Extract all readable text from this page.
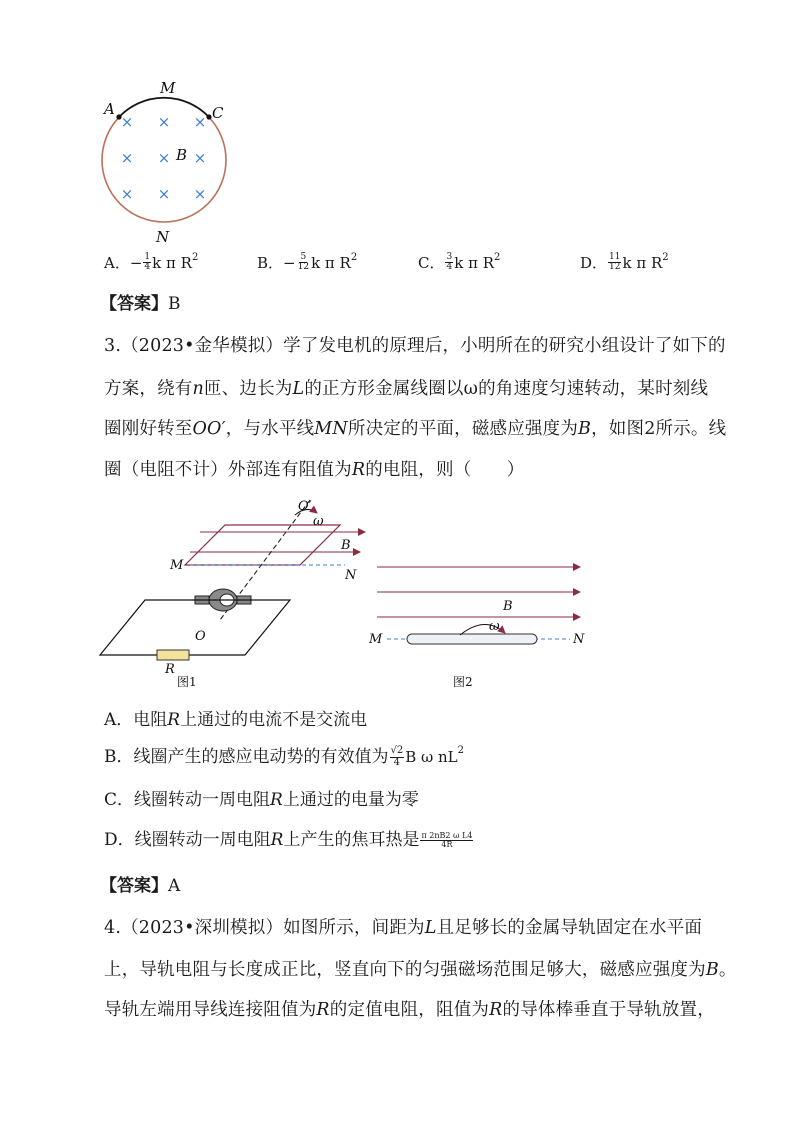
× × ×
× × ×
× × ×
M
A	C
B
N
A． − $\frac{1}{4}$ k π $R^2$	B． − $\frac{5}{12}$ k π $R^2$	C． $\frac{3}{4}$ k π $R^2$	D． $\frac{11}{12}$ k π $R^2$
【答案】B
3.（2023•金华模拟）学了发电机的原理后，小明所在的研究小组设计了如下的
方案，绕有n匝、边长为L的正方形金属线圈以ω的角速度匀速转动，某时刻线
圈刚好转至OO′，与水平线MN所决定的平面，磁感应强度为B，如图2所示。线
圈（电阻不计）外部连有阻值为R的电阻，则（　　）
O′
ω
B
M
N
O
R
图1
B
ω
M	N
图2
A．电阻R上通过的电流不是交流电
B．线圈产生的感应电动势的有效值为 $\frac{√2}{4}$ B ω $nL^2$
C．线圈转动一周电阻R上通过的电量为零
D．线圈转动一周电阻 R 上产生的焦耳热是 $\frac{\text{π 2nB2 ω L4}}{4R}$
【答案】A
4.（2023•深圳模拟）如图所示，间距为L且足够长的金属导轨固定在水平面
上，导轨电阻与长度成正比，竖直向下的匀强磁场范围足够大，磁感应强度为B。
导轨左端用导线连接阻值为R的定值电阻，阻值为R的导体棒垂直于导轨放置，
